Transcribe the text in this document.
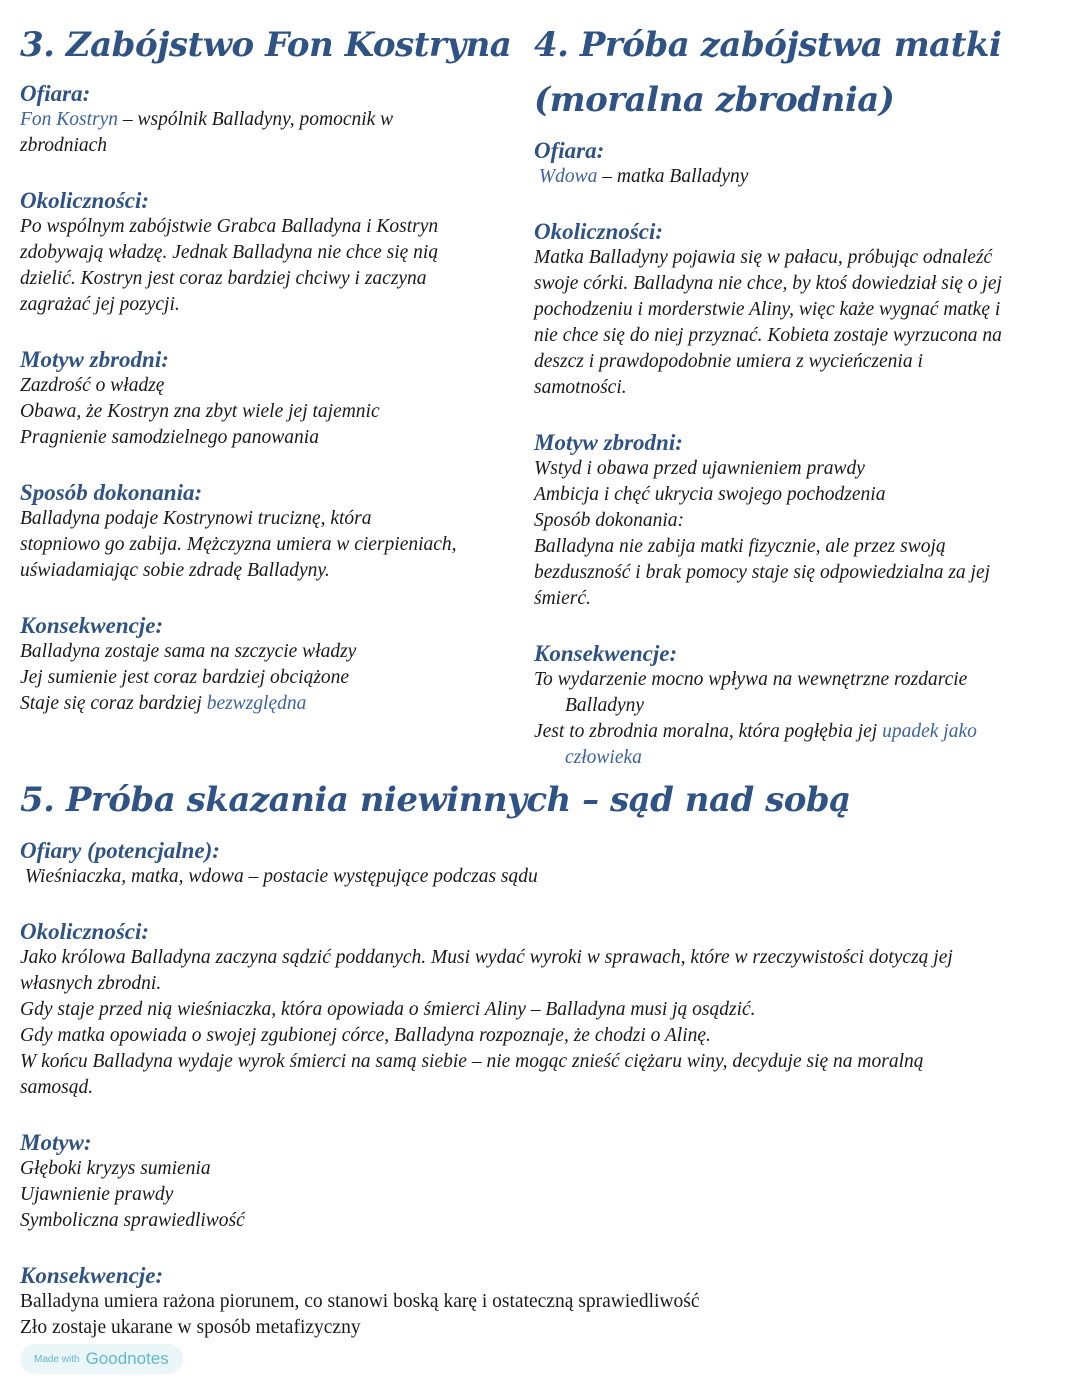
3. Zabójstwo Fon Kostryna 4. Próba zabójstwa matki
(moralna zbrodnia)
5. Próba skazania niewinnych – sąd nad sobą
Ofiara:
Fon Kostryn – wspólnik Balladyny, pomocnik w
zbrodniach
Okoliczności:
Po wspólnym zabójstwie Grabca Balladyna i Kostryn
zdobywają władzę. Jednak Balladyna nie chce się nią
dzielić. Kostryn jest coraz bardziej chciwy i zaczyna
zagrażać jej pozycji.
Motyw zbrodni:
Zazdrość o władzę
Obawa, że Kostryn zna zbyt wiele jej tajemnic
Pragnienie samodzielnego panowania
Sposób dokonania:
Balladyna podaje Kostrynowi truciznę, która
stopniowo go zabija. Mężczyzna umiera w cierpieniach,
uświadamiając sobie zdradę Balladyny.
Konsekwencje:
Balladyna zostaje sama na szczycie władzy
Jej sumienie jest coraz bardziej obciążone
Staje się coraz bardziej bezwzględna
Ofiara:
Wdowa – matka Balladyny
Okoliczności:
Matka Balladyny pojawia się w pałacu, próbując odnaleźć
swoje córki. Balladyna nie chce, by ktoś dowiedział się o jej
pochodzeniu i morderstwie Aliny, więc każe wygnać matkę i
nie chce się do niej przyznać. Kobieta zostaje wyrzucona na
deszcz i prawdopodobnie umiera z wycieńczenia i
samotności.
Motyw zbrodni:
Wstyd i obawa przed ujawnieniem prawdy
Ambicja i chęć ukrycia swojego pochodzenia
Sposób dokonania:
Balladyna nie zabija matki fizycznie, ale przez swoją
bezduszność i brak pomocy staje się odpowiedzialna za jej
śmierć.
Konsekwencje:
To wydarzenie mocno wpływa na wewnętrzne rozdarcie
Balladyny
Jest to zbrodnia moralna, która pogłębia jej upadek jako
człowieka
Ofiary (potencjalne):
Wieśniaczka, matka, wdowa – postacie występujące podczas sądu
Okoliczności:
Jako królowa Balladyna zaczyna sądzić poddanych. Musi wydać wyroki w sprawach, które w rzeczywistości dotyczą jej
własnych zbrodni.
Gdy staje przed nią wieśniaczka, która opowiada o śmierci Aliny – Balladyna musi ją osądzić.
Gdy matka opowiada o swojej zgubionej córce, Balladyna rozpoznaje, że chodzi o Alinę.
W końcu Balladyna wydaje wyrok śmierci na samą siebie – nie mogąc znieść ciężaru winy, decyduje się na moralną
samosąd.
Motyw:
Głęboki kryzys sumienia
Ujawnienie prawdy
Symboliczna sprawiedliwość
Konsekwencje:
Balladyna umiera rażona piorunem, co stanowi boską karę i ostateczną sprawiedliwość
Zło zostaje ukarane w sposób metafizyczny
Made with Goodnotes
